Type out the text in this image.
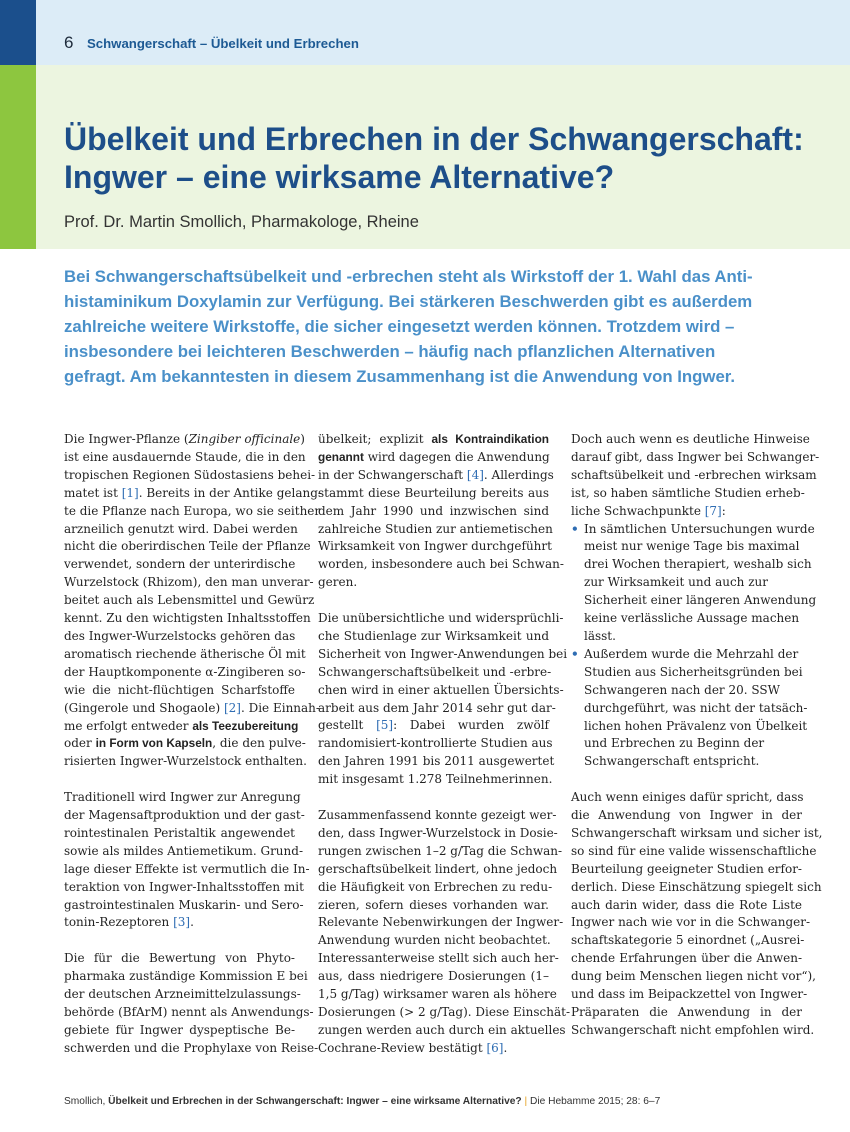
6 Schwangerschaft – Übelkeit und Erbrechen
Übelkeit und Erbrechen in der Schwangerschaft:
Ingwer – eine wirksame Alternative?
Prof. Dr. Martin Smollich, Pharmakologe, Rheine

Bei Schwangerschaftsübelkeit und -erbrechen steht als Wirkstoff der 1. Wahl das Anti-
histaminikum Doxylamin zur Verfügung. Bei stärkeren Beschwerden gibt es außerdem
zahlreiche weitere Wirkstoffe, die sicher eingesetzt werden können. Trotzdem wird –
insbesondere bei leichteren Beschwerden – häufig nach pflanzlichen Alternativen
gefragt. Am bekanntesten in diesem Zusammenhang ist die Anwendung von Ingwer.

Die Ingwer-Pflanze (Zingiber officinale)
ist eine ausdauernde Staude, die in den
tropischen Regionen Südostasiens behei-
matet ist [1]. Bereits in der Antike gelang-
te die Pflanze nach Europa, wo sie seither
arzneilich genutzt wird. Dabei werden
nicht die oberirdischen Teile der Pflanze
verwendet, sondern der unterirdische
Wurzelstock (Rhizom), den man unverar-
beitet auch als Lebensmittel und Gewürz
kennt. Zu den wichtigsten Inhaltsstoffen
des Ingwer-Wurzelstocks gehören das
aromatisch riechende ätherische Öl mit
der Hauptkomponente α-Zingiberen so-
wie die nicht-flüchtigen Scharfstoffe
(Gingerole und Shogaole) [2]. Die Einnah-
me erfolgt entweder als Teezubereitung
oder in Form von Kapseln, die den pulve-
risierten Ingwer-Wurzelstock enthalten.
Traditionell wird Ingwer zur Anregung
der Magensaftproduktion und der gast-
rointestinalen Peristaltik angewendet
sowie als mildes Antiemetikum. Grund-
lage dieser Effekte ist vermutlich die In-
teraktion von Ingwer-Inhaltsstoffen mit
gastrointestinalen Muskarin- und Sero-
tonin-Rezeptoren [3].
Die für die Bewertung von Phyto-
pharmaka zuständige Kommission E bei
der deutschen Arzneimittelzulassungs-
behörde (BfArM) nennt als Anwendungs-
gebiete für Ingwer dyspeptische Be-
schwerden und die Prophylaxe von Reise-
übelkeit; explizit als Kontraindikation
genannt wird dagegen die Anwendung
in der Schwangerschaft [4]. Allerdings
stammt diese Beurteilung bereits aus
dem Jahr 1990 und inzwischen sind
zahlreiche Studien zur antiemetischen
Wirksamkeit von Ingwer durchgeführt
worden, insbesondere auch bei Schwan-
geren.
Die unübersichtliche und widersprüchli-
che Studienlage zur Wirksamkeit und
Sicherheit von Ingwer-Anwendungen bei
Schwangerschaftsübelkeit und -erbre-
chen wird in einer aktuellen Übersichts-
arbeit aus dem Jahr 2014 sehr gut dar-
gestellt [5]: Dabei wurden zwölf
randomisiert-kontrollierte Studien aus
den Jahren 1991 bis 2011 ausgewertet
mit insgesamt 1.278 Teilnehmerinnen.
Zusammenfassend konnte gezeigt wer-
den, dass Ingwer-Wurzelstock in Dosie-
rungen zwischen 1–2 g/Tag die Schwan-
gerschaftsübelkeit lindert, ohne jedoch
die Häufigkeit von Erbrechen zu redu-
zieren, sofern dieses vorhanden war.
Relevante Nebenwirkungen der Ingwer-
Anwendung wurden nicht beobachtet.
Interessanterweise stellt sich auch her-
aus, dass niedrigere Dosierungen (1–
1,5 g/Tag) wirksamer waren als höhere
Dosierungen (> 2 g/Tag). Diese Einschät-
zungen werden auch durch ein aktuelles
Cochrane-Review bestätigt [6].
Doch auch wenn es deutliche Hinweise
darauf gibt, dass Ingwer bei Schwanger-
schaftsübelkeit und -erbrechen wirksam
ist, so haben sämtliche Studien erheb-
liche Schwachpunkte [7]:
• In sämtlichen Untersuchungen wurde
meist nur wenige Tage bis maximal
drei Wochen therapiert, weshalb sich
zur Wirksamkeit und auch zur
Sicherheit einer längeren Anwendung
keine verlässliche Aussage machen
lässt.
• Außerdem wurde die Mehrzahl der
Studien aus Sicherheitsgründen bei
Schwangeren nach der 20. SSW
durchgeführt, was nicht der tatsäch-
lichen hohen Prävalenz von Übelkeit
und Erbrechen zu Beginn der
Schwangerschaft entspricht.
Auch wenn einiges dafür spricht, dass
die Anwendung von Ingwer in der
Schwangerschaft wirksam und sicher ist,
so sind für eine valide wissenschaftliche
Beurteilung geeigneter Studien erfor-
derlich. Diese Einschätzung spiegelt sich
auch darin wider, dass die Rote Liste
Ingwer nach wie vor in die Schwanger-
schaftskategorie 5 einordnet („Ausrei-
chende Erfahrungen über die Anwen-
dung beim Menschen liegen nicht vor“),
und dass im Beipackzettel von Ingwer-
Präparaten die Anwendung in der
Schwangerschaft nicht empfohlen wird.
Smollich, Übelkeit und Erbrechen in der Schwangerschaft: Ingwer – eine wirksame Alternative? | Die Hebamme 2015; 28: 6–7
